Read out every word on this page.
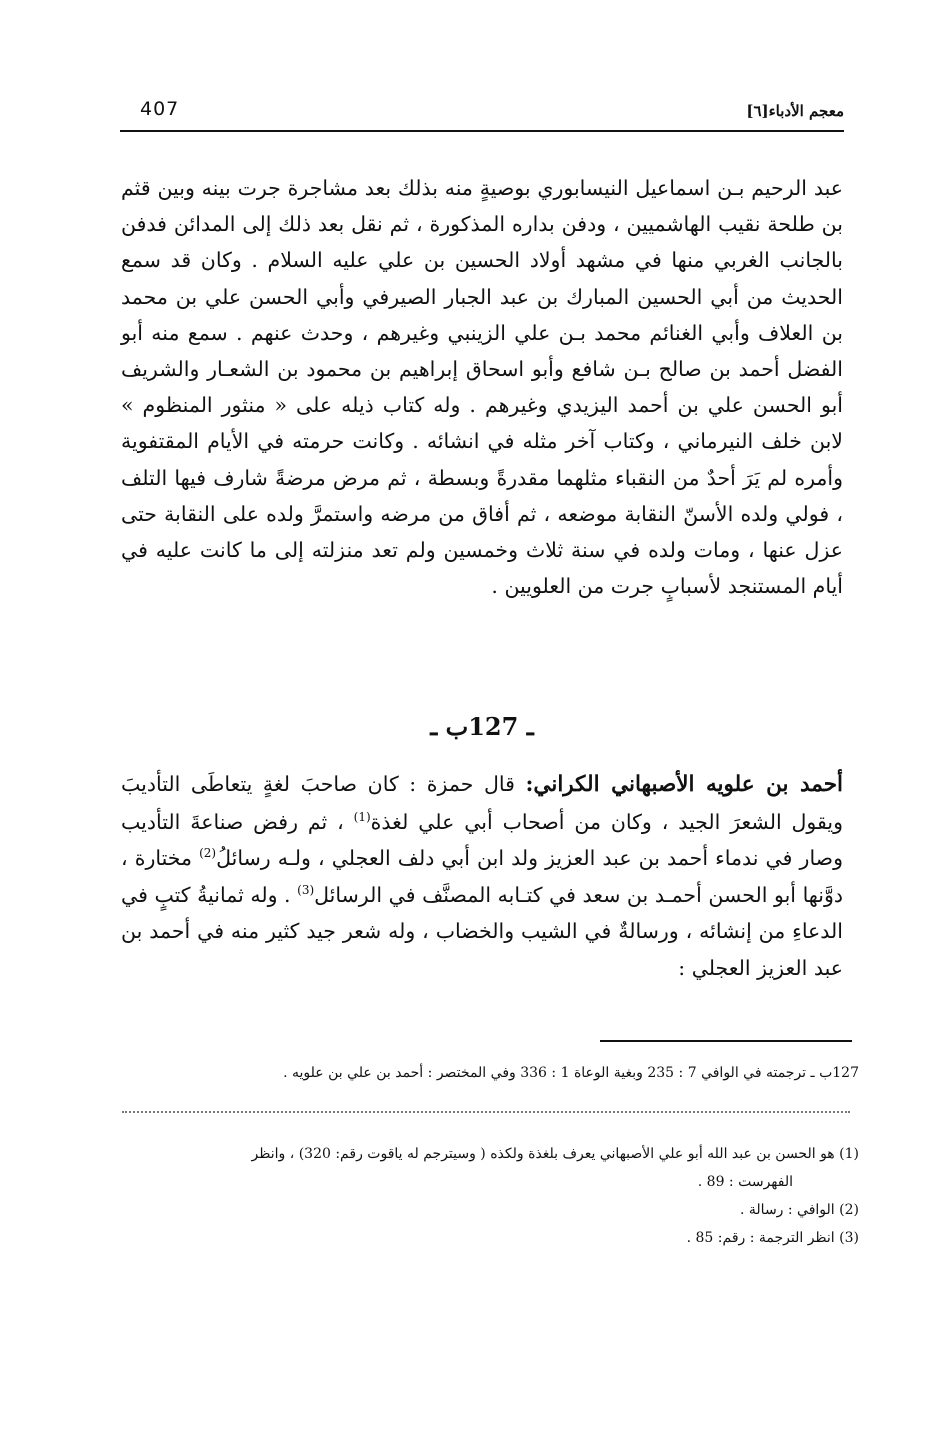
407	معجم الأدباء[٦]
عبد الرحيم بـن اسماعيل النيسابوري بوصيةٍ منه بذلك بعد مشاجرة جرت بينه وبين قثم بن طلحة نقيب الهاشميين ، ودفن بداره المذكورة ، ثم نقل بعد ذلك إلى المدائن فدفن بالجانب الغربي منها في مشهد أولاد الحسين بن علي عليه السلام . وكان قد سمع الحديث من أبي الحسين المبارك بن عبد الجبار الصيرفي وأبي الحسن علي بن محمد بن العلاف وأبي الغنائم محمد بـن علي الزينبي وغيرهم ، وحدث عنهم . سمع منه أبو الفضل أحمد بن صالح بـن شافع وأبو اسحاق إبراهيم بن محمود بن الشعـار والشريف أبو الحسن علي بن أحمد اليزيدي وغيرهم . وله كتاب ذيله على « منثور المنظوم » لابن خلف النيرماني ، وكتاب آخر مثله في انشائه . وكانت حرمته في الأيام المقتفوية وأمره لم يَرَ أحدٌ من النقباء مثلهما مقدرةً وبسطة ، ثم مرض مرضةً شارف فيها التلف ، فولي ولده الأسنّ النقابة موضعه ، ثم أفاق من مرضه واستمرَّ ولده على النقابة حتى عزل عنها ، ومات ولده في سنة ثلاث وخمسين ولم تعد منزلته إلى ما كانت عليه في أيام المستنجد لأسبابٍ جرت من العلويين .
ـ 127ب ـ
أحمد بن علويه الأصبهاني الكراني: قال حمزة : كان صاحبَ لغةٍ يتعاطَى التأديبَ ويقول الشعرَ الجيد ، وكان من أصحاب أبي علي لغذة$^{(1)}$ ، ثم رفض صناعةَ التأديب وصار في ندماء أحمد بن عبد العزيز ولد ابن أبي دلف العجلي ، ولـه رسائلُ$^{(2)}$ مختارة ، دوَّنها أبو الحسن أحمـد بن سعد في كتـابه المصنَّف في الرسائل$^{(3)}$ . وله ثمانيةُ كتبٍ في الدعاءِ من إنشائه ، ورسالةٌ في الشيب والخضاب ، وله شعر جيد كثير منه في أحمد بن عبد العزيز العجلي :
127ب ـ ترجمته في الوافي 7 : 235 وبغية الوعاة 1 : 336 وفي المختصر : أحمد بن علي بن علويه .
(1) هو الحسن بن عبد الله أبو علي الأصبهاني يعرف بلغذة ولكذه ( وسيترجم له ياقوت رقم: 320) ، وانظر
الفهرست : 89 .
(2) الوافي : رسالة .
(3) انظر الترجمة : رقم: 85 .
